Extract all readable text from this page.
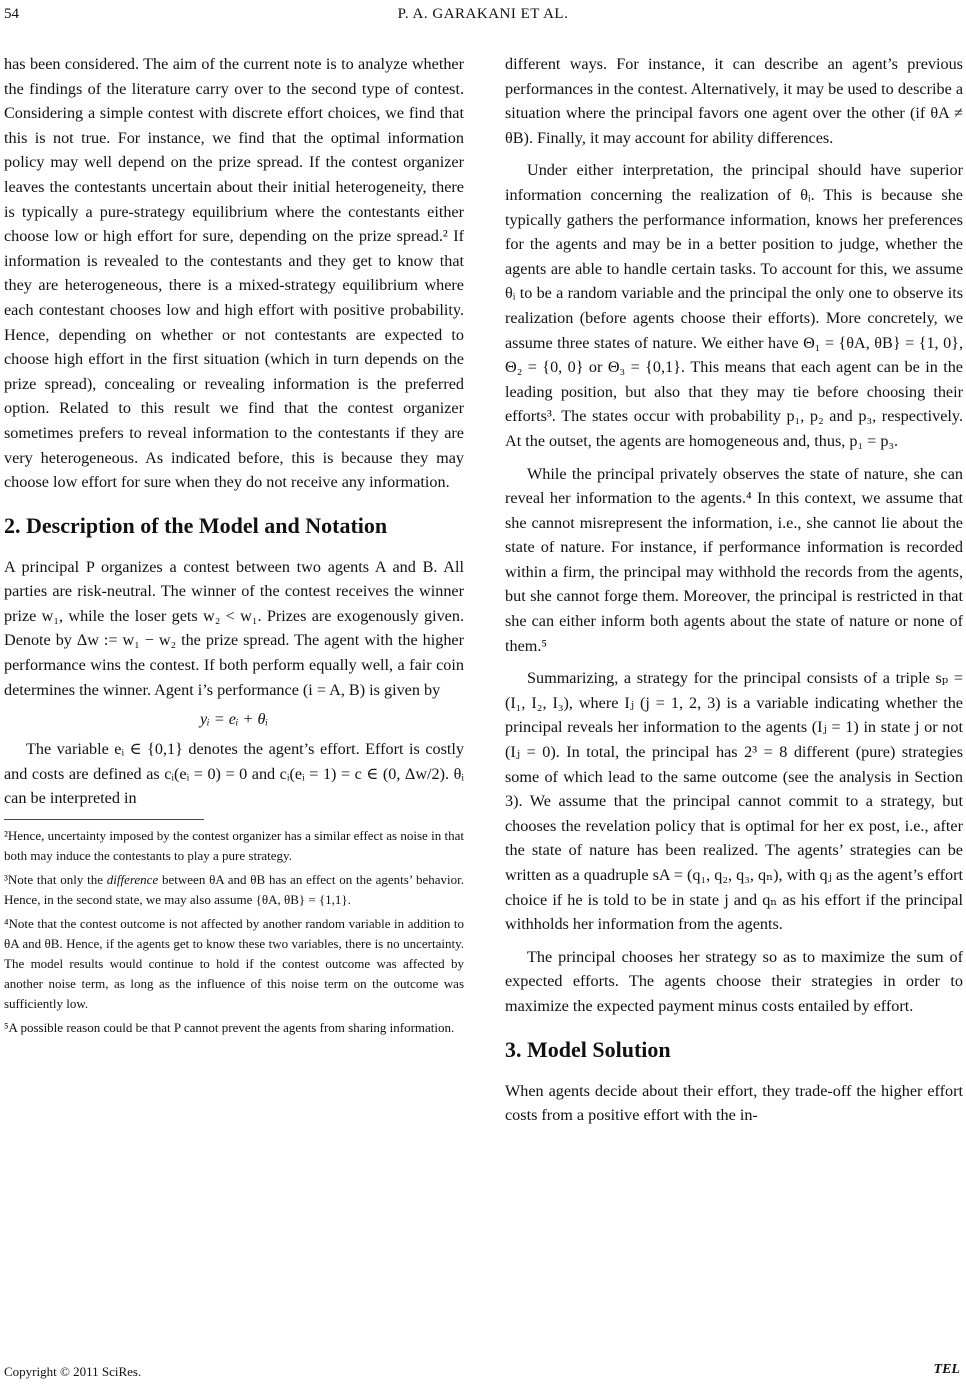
54	P. A. GARAKANI ET AL.

has been considered. The aim of the current note is to analyze whether the findings of the literature carry over to the second type of contest. Considering a simple contest with discrete effort choices, we find that this is not true. For instance, we find that the optimal information policy may well depend on the prize spread. If the contest organizer leaves the contestants uncertain about their initial heterogeneity, there is typically a pure-strategy equilibrium where the contestants either choose low or high effort for sure, depending on the prize spread.² If information is revealed to the contestants and they get to know that they are heterogeneous, there is a mixed-strategy equilibrium where each contestant chooses low and high effort with positive probability. Hence, depending on whether or not contestants are expected to choose high effort in the first situation (which in turn depends on the prize spread), concealing or revealing information is the preferred option. Related to this result we find that the contest organizer sometimes prefers to reveal information to the contestants if they are very heterogeneous. As indicated before, this is because they may choose low effort for sure when they do not receive any information.

2. Description of the Model and Notation

A principal P organizes a contest between two agents A and B. All parties are risk-neutral. The winner of the contest receives the winner prize w₁, while the loser gets w₂ < w₁. Prizes are exogenously given. Denote by Δw := w₁ − w₂ the prize spread. The agent with the higher performance wins the contest. If both perform equally well, a fair coin determines the winner. Agent i’s performance (i = A, B) is given by

yᵢ = eᵢ + θᵢ

The variable eᵢ ∈ {0,1} denotes the agent’s effort. Effort is costly and costs are defined as cᵢ(eᵢ = 0) = 0 and cᵢ(eᵢ = 1) = c ∈ (0, Δw/2). θᵢ can be interpreted in

²Hence, uncertainty imposed by the contest organizer has a similar effect as noise in that both may induce the contestants to play a pure strategy.
³Note that only the difference between θA and θB has an effect on the agents’ behavior. Hence, in the second state, we may also assume {θA, θB} = {1,1}.
⁴Note that the contest outcome is not affected by another random variable in addition to θA and θB. Hence, if the agents get to know these two variables, there is no uncertainty. The model results would continue to hold if the contest outcome was affected by another noise term, as long as the influence of this noise term on the outcome was sufficiently low.
⁵A possible reason could be that P cannot prevent the agents from sharing information.

different ways. For instance, it can describe an agent’s previous performances in the contest. Alternatively, it may be used to describe a situation where the principal favors one agent over the other (if θA ≠ θB). Finally, it may account for ability differences.

Under either interpretation, the principal should have superior information concerning the realization of θᵢ. This is because she typically gathers the performance information, knows her preferences for the agents and may be in a better position to judge, whether the agents are able to handle certain tasks. To account for this, we assume θᵢ to be a random variable and the principal the only one to observe its realization (before agents choose their efforts). More concretely, we assume three states of nature. We either have Θ₁ = {θA, θB} = {1, 0}, Θ₂ = {0, 0} or Θ₃ = {0,1}. This means that each agent can be in the leading position, but also that they may tie before choosing their efforts³. The states occur with probability p₁, p₂ and p₃, respectively. At the outset, the agents are homogeneous and, thus, p₁ = p₃.

While the principal privately observes the state of nature, she can reveal her information to the agents.⁴ In this context, we assume that she cannot misrepresent the information, i.e., she cannot lie about the state of nature. For instance, if performance information is recorded within a firm, the principal may withhold the records from the agents, but she cannot forge them. Moreover, the principal is restricted in that she can either inform both agents about the state of nature or none of them.⁵

Summarizing, a strategy for the principal consists of a triple sₚ = (I₁, I₂, I₃), where Iⱼ (j = 1, 2, 3) is a variable indicating whether the principal reveals her information to the agents (Iⱼ = 1) in state j or not (Iⱼ = 0). In total, the principal has 2³ = 8 different (pure) strategies some of which lead to the same outcome (see the analysis in Section 3). We assume that the principal cannot commit to a strategy, but chooses the revelation policy that is optimal for her ex post, i.e., after the state of nature has been realized. The agents’ strategies can be written as a quadruple sA = (q₁, q₂, q₃, qₙ), with qⱼ as the agent’s effort choice if he is told to be in state j and qₙ as his effort if the principal withholds her information from the agents.

The principal chooses her strategy so as to maximize the sum of expected efforts. The agents choose their strategies in order to maximize the expected payment minus costs entailed by effort.

3. Model Solution

When agents decide about their effort, they trade-off the higher effort costs from a positive effort with the in-

Copyright © 2011 SciRes.	TEL
